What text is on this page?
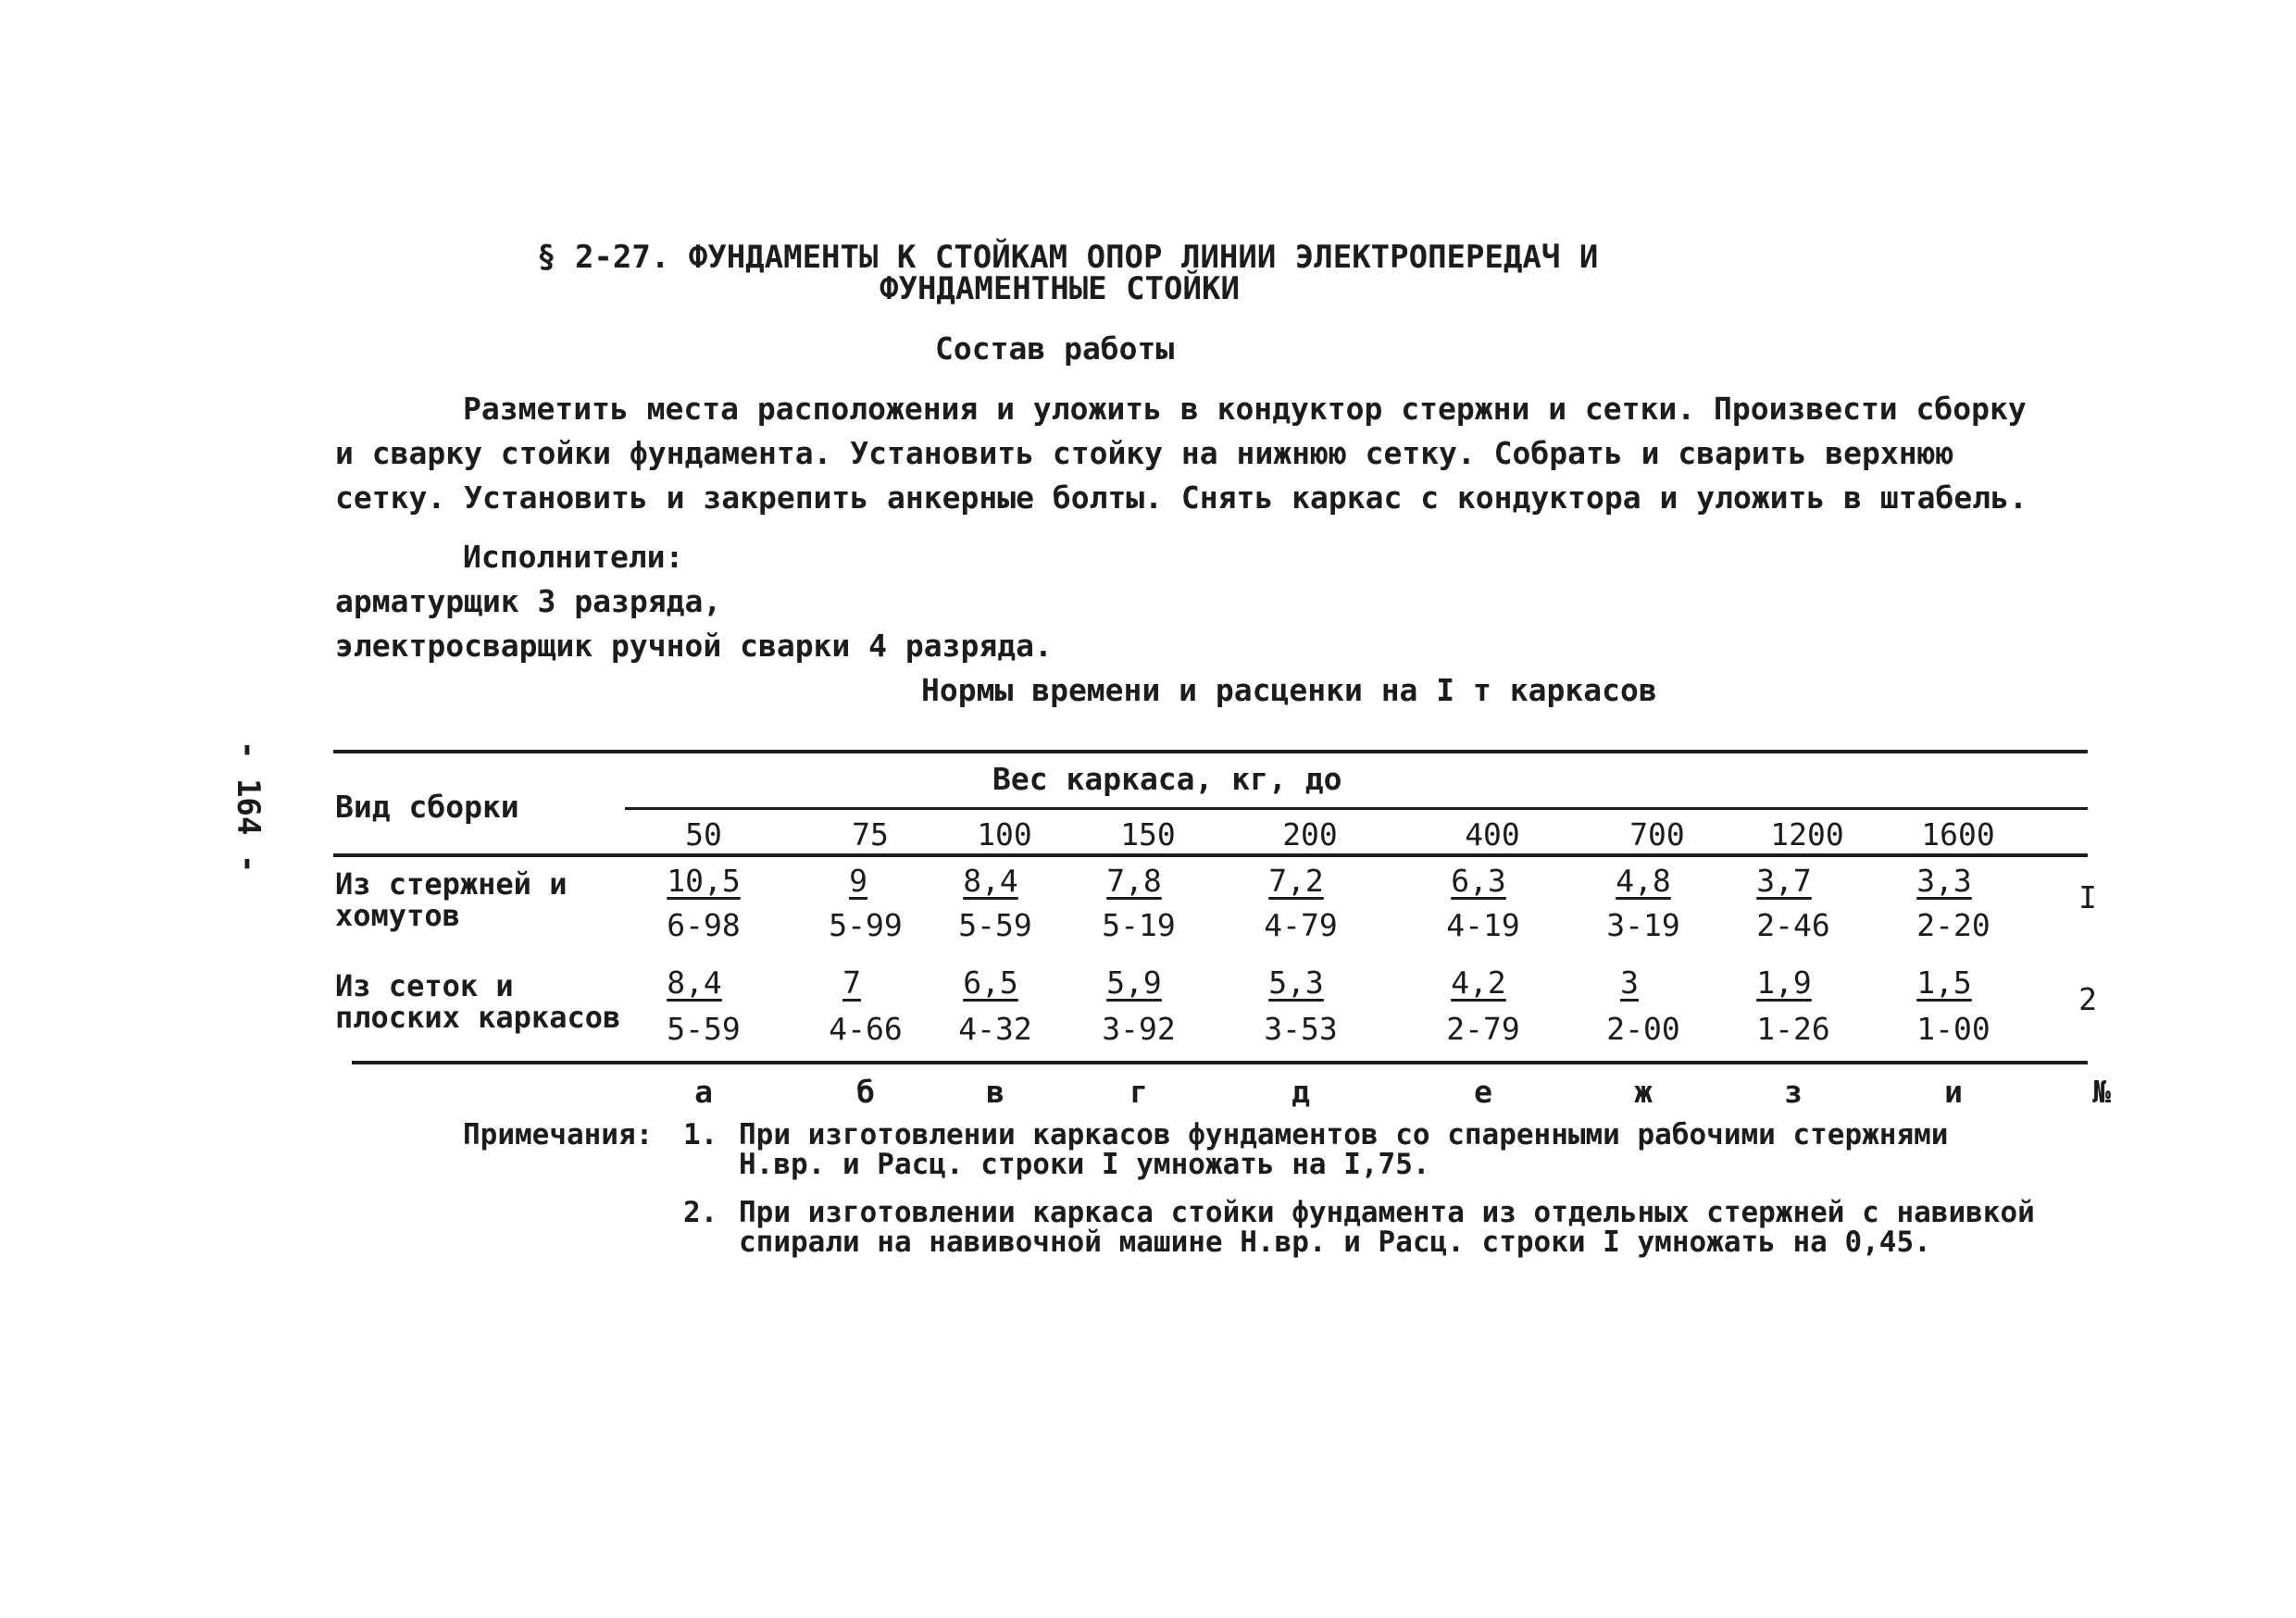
- 164 -
§ 2-27. ФУНДАМЕНТЫ К СТОЙКАМ ОПОР ЛИНИИ ЭЛЕКТРОПЕРЕДАЧ И
ФУНДАМЕНТНЫЕ СТОЙКИ
Состав работы
Разметить места расположения и уложить в кондуктор стержни и сетки. Произвести сборку
и сварку стойки фундамента. Установить стойку на нижнюю сетку. Собрать и сварить верхнюю
сетку. Установить и закрепить анкерные болты. Снять каркас с кондуктора и уложить в штабель.
Исполнители:
арматурщик 3 разряда,
электросварщик ручной сварки 4 разряда.
Нормы времени и расценки на I т каркасов
Вид сборки
Вес каркаса, кг, до
50	75	100	150	200	400	700	1200	1600
Из стержней и
хомутов
10,5	9	8,4	7,8	7,2	6,3	4,8	3,7	3,3
6-98	5-99	5-59	5-19	4-79	4-19	3-19	2-46	2-20
I
Из сеток и
плоских каркасов
8,4	7	6,5	5,9	5,3	4,2	3	1,9	1,5
5-59	4-66	4-32	3-92	3-53	2-79	2-00	1-26	1-00
2
а	б	в	г	д	е	ж	з	и	№
Примечания: 1. При изготовлении каркасов фундаментов со спаренными рабочими стержнями
Н.вр. и Расц. строки I умножать на I,75.
2. При изготовлении каркаса стойки фундамента из отдельных стержней с навивкой
спирали на навивочной машине Н.вр. и Расц. строки I умножать на 0,45.
